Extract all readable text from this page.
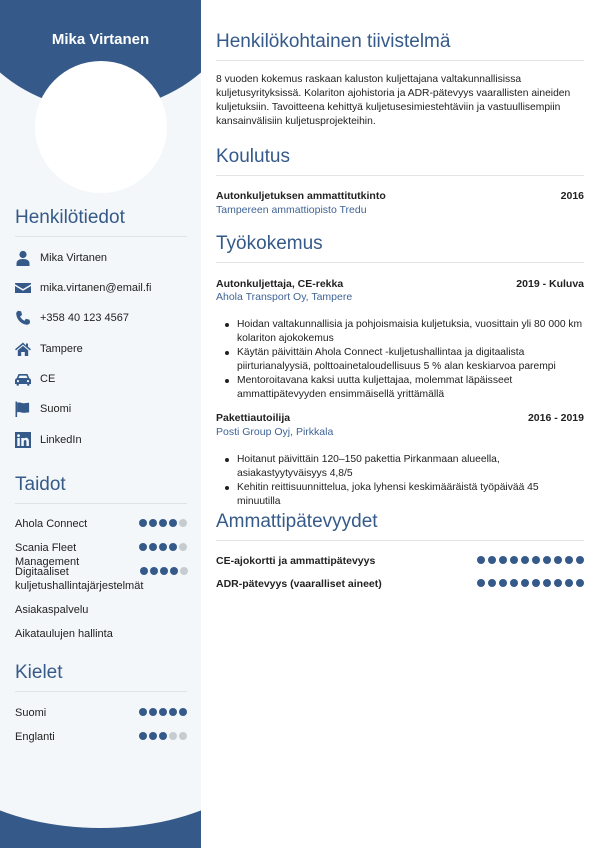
Mika Virtanen
Henkilötiedot
Mika Virtanen
mika.virtanen@email.fi
+358 40 123 4567
Tampere
CE
Suomi
LinkedIn
Taidot
Ahola Connect
Scania Fleet Management
Digitaaliset kuljetushallintajärjestelmät
Asiakaspalvelu
Aikataulujen hallinta
Kielet
Suomi
Englanti
Henkilökohtainen tiivistelmä
8 vuoden kokemus raskaan kaluston kuljettajana valtakunnallisissa kuljetusyrityksissä. Kolariton ajohistoria ja ADR-pätevyys vaarallisten aineiden kuljetuksiin. Tavoitteena kehittyä kuljetusesimiestehtäviin ja vastuullisempiin kansainvälisiin kuljetusprojekteihin.
Koulutus
Autonkuljetuksen ammattitutkinto	2016
Tampereen ammattiopisto Tredu
Työkokemus
Autonkuljettaja, CE-rekka	2019 - Kuluva
Ahola Transport Oy, Tampere
Hoidan valtakunnallisia ja pohjoismaisia kuljetuksia, vuosittain yli 80 000 km kolariton ajokokemus
Käytän päivittäin Ahola Connect -kuljetushallintaa ja digitaalista piirturianalyysiä, polttoainetaloudellisuus 5 % alan keskiarvoa parempi
Mentoroitavana kaksi uutta kuljettajaa, molemmat läpäisseet ammattipätevyyden ensimmäisellä yrittämällä
Pakettiautoilija	2016 - 2019
Posti Group Oyj, Pirkkala
Hoitanut päivittäin 120–150 pakettia Pirkanmaan alueella, asiakastyytyväisyys 4,8/5
Kehitin reittisuunnittelua, joka lyhensi keskimääräistä työpäivää 45 minuutilla
Ammattipätevyydet
CE-ajokortti ja ammattipätevyys
ADR-pätevyys (vaaralliset aineet)
